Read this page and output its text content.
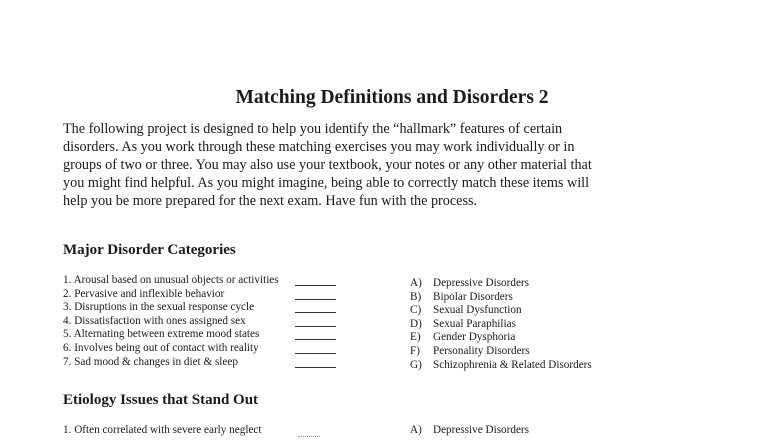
Matching Definitions and Disorders 2
The following project is designed to help you identify the “hallmark” features of certain
disorders. As you work through these matching exercises you may work individually or in
groups of two or three. You may also use your textbook, your notes or any other material that
you might find helpful. As you might imagine, being able to correctly match these items will
help you be more prepared for the next exam. Have fun with the process.
Major Disorder Categories
1. Arousal based on unusual objects or activities	A) Depressive Disorders
2. Pervasive and inflexible behavior	B) Bipolar Disorders
3. Disruptions in the sexual response cycle	C) Sexual Dysfunction
4. Dissatisfaction with ones assigned sex	D) Sexual Paraphilias
5. Alternating between extreme mood states	E) Gender Dysphoria
6. Involves being out of contact with reality	F) Personality Disorders
7. Sad mood & changes in diet & sleep	G) Schizophrenia & Related Disorders
Etiology Issues that Stand Out
1. Often correlated with severe early neglect	A) Depressive Disorders
